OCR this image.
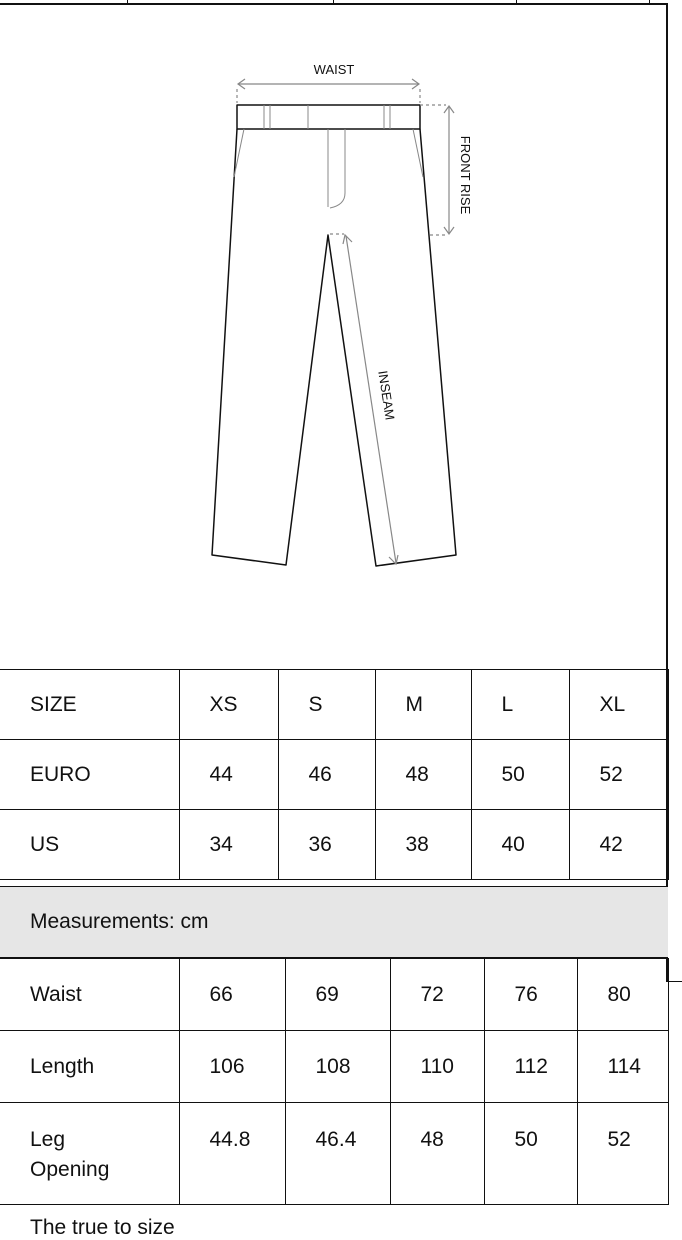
WAIST
FRONT RISE
INSEAM
SIZE	XS	S	M	L	XL
EURO	44	46	48	50	52
US	34	36	38	40	42
Measurements: cm
Waist	66	69	72	76	80
Length	106	108	110	112	114
Leg Opening	44.8	46.4	48	50	52
The true to size
